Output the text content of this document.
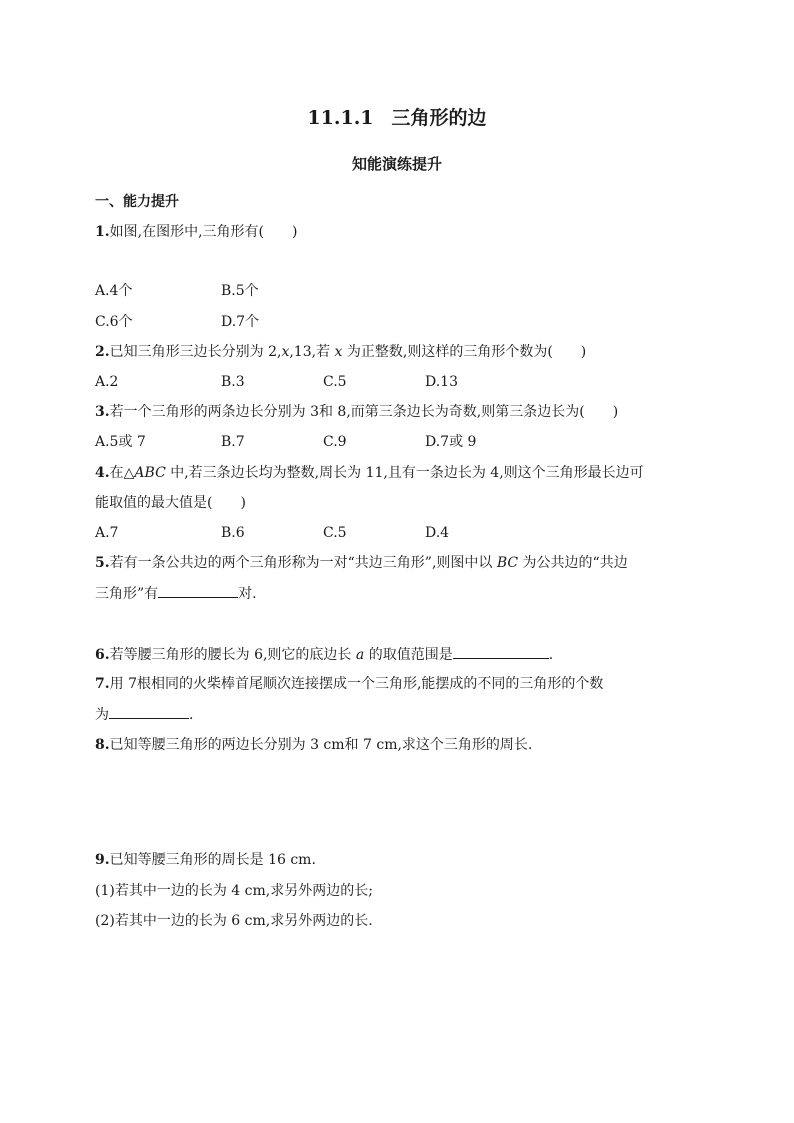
11.1.1 三角形的边
知能演练提升
一、能力提升
1.如图,在图形中,三角形有(　　)
A.4个	B.5个
C.6个	D.7个
2.已知三角形三边长分别为 2,x,13,若 x 为正整数,则这样的三角形个数为(　　)
A.2	B.3	C.5	D.13
3.若一个三角形的两条边长分别为 3和 8,而第三条边长为奇数,则第三条边长为(　　)
A.5或 7	B.7	C.9	D.7或 9
4.在△ABC 中,若三条边长均为整数,周长为 11,且有一条边长为 4,则这个三角形最长边可
能取值的最大值是(　　)
A.7	B.6	C.5	D.4
5.若有一条公共边的两个三角形称为一对“共边三角形”,则图中以 BC 为公共边的“共边
三角形”有	对.
6.若等腰三角形的腰长为 6,则它的底边长 a 的取值范围是	.
7.用 7根相同的火柴棒首尾顺次连接摆成一个三角形,能摆成的不同的三角形的个数
为	.
8.已知等腰三角形的两边长分别为 3 cm和 7 cm,求这个三角形的周长.
9.已知等腰三角形的周长是 16 cm.
(1)若其中一边的长为 4 cm,求另外两边的长;
(2)若其中一边的长为 6 cm,求另外两边的长.
